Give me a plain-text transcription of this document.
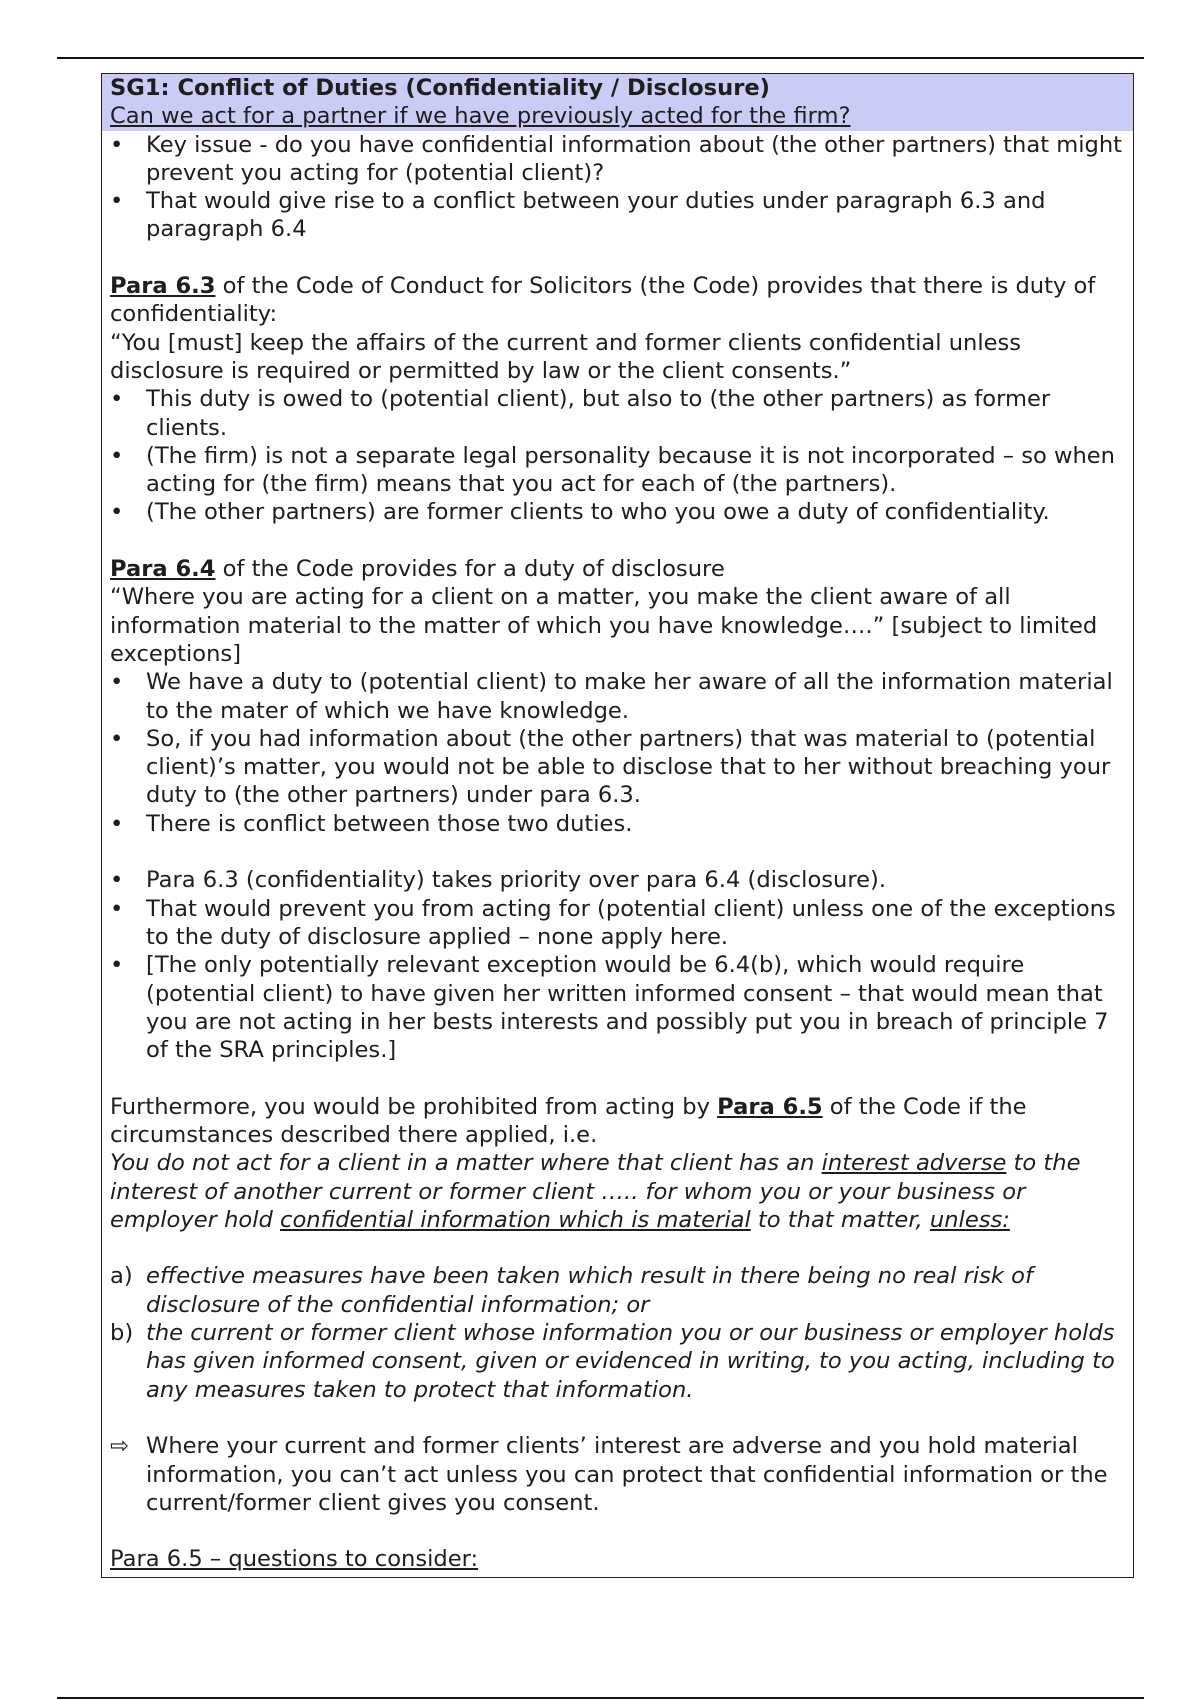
SG1: Conflict of Duties (Confidentiality / Disclosure)

Can we act for a partner if we have previously acted for the firm?

•	Key issue - do you have confidential information about (the other partners) that might prevent you acting for (potential client)?
•	That would give rise to a conflict between your duties under paragraph 6.3 and paragraph 6.4

Para 6.3 of the Code of Conduct for Solicitors (the Code) provides that there is duty of confidentiality:

“You [must] keep the affairs of the current and former clients confidential unless disclosure is required or permitted by law or the client consents.”

•	This duty is owed to (potential client), but also to (the other partners) as former clients.
•	(The firm) is not a separate legal personality because it is not incorporated – so when acting for (the firm) means that you act for each of (the partners).
•	(The other partners) are former clients to who you owe a duty of confidentiality.

Para 6.4 of the Code provides for a duty of disclosure

“Where you are acting for a client on a matter, you make the client aware of all information material to the matter of which you have knowledge….” [subject to limited exceptions]

•	We have a duty to (potential client) to make her aware of all the information material to the mater of which we have knowledge.
•	So, if you had information about (the other partners) that was material to (potential client)’s matter, you would not be able to disclose that to her without breaching your duty to (the other partners) under para 6.3.
•	There is conflict between those two duties.
•	Para 6.3 (confidentiality) takes priority over para 6.4 (disclosure).
•	That would prevent you from acting for (potential client) unless one of the exceptions to the duty of disclosure applied – none apply here.
•	[The only potentially relevant exception would be 6.4(b), which would require (potential client) to have given her written informed consent – that would mean that you are not acting in her bests interests and possibly put you in breach of principle 7 of the SRA principles.]

Furthermore, you would be prohibited from acting by Para 6.5 of the Code if the circumstances described there applied, i.e.

You do not act for a client in a matter where that client has an interest adverse to the interest of another current or former client ….. for whom you or your business or employer hold confidential information which is material to that matter, unless:

a) effective measures have been taken which result in there being no real risk of disclosure of the confidential information; or
b) the current or former client whose information you or our business or employer holds has given informed consent, given or evidenced in writing, to you acting, including to any measures taken to protect that information.
⇨ Where your current and former clients’ interest are adverse and you hold material information, you can’t act unless you can protect that confidential information or the current/former client gives you consent.

Para 6.5 – questions to consider:
